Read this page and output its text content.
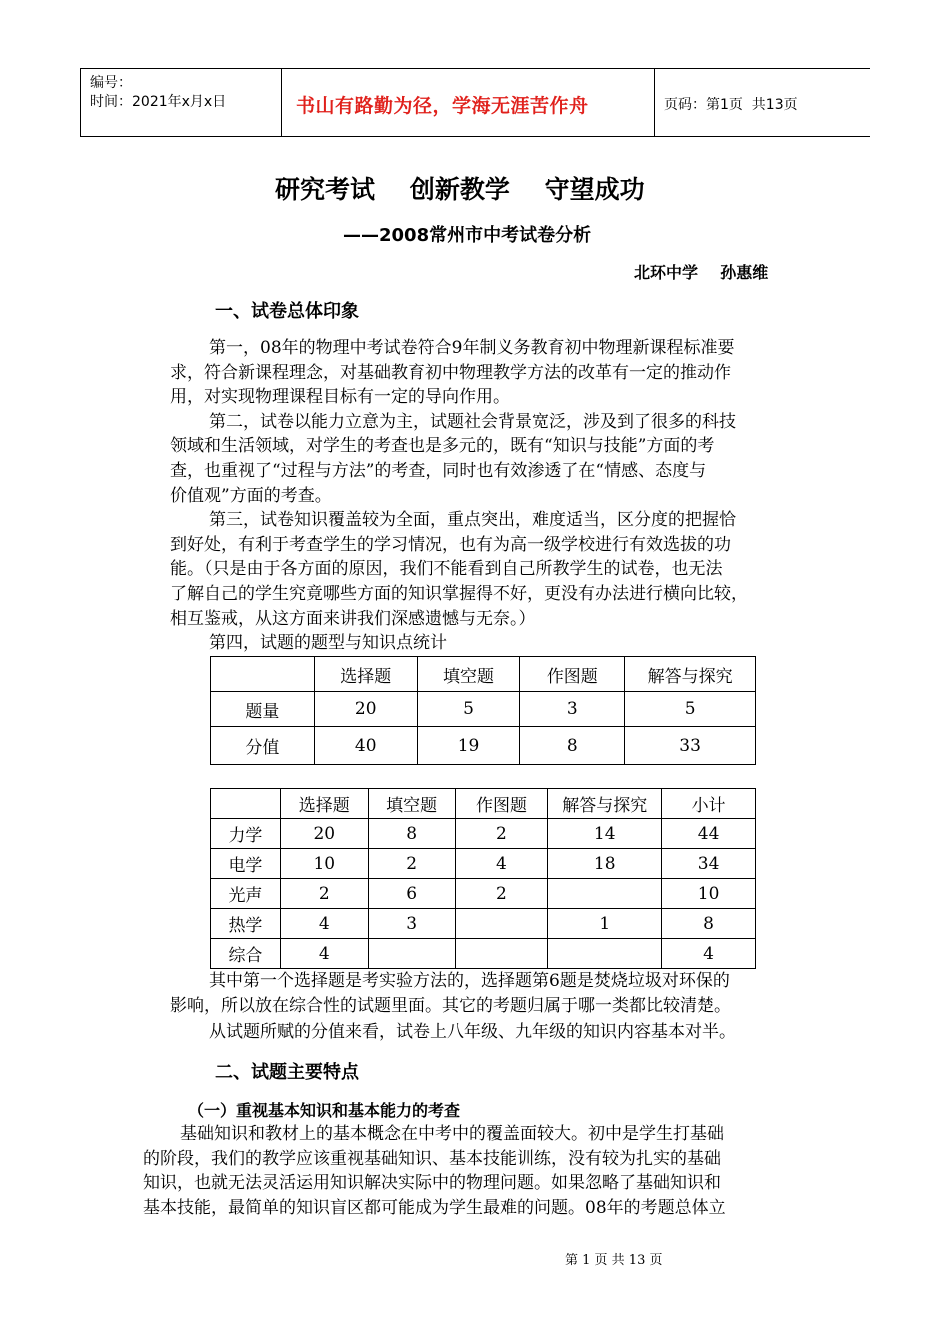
编号：
时间：2021年x月x日	书山有路勤为径，学海无涯苦作舟	页码：第1页  共13页
研究考试    创新教学    守望成功
——2008常州市中考试卷分析
北环中学    孙惠维
一、试卷总体印象
第一，08年的物理中考试卷符合9年制义务教育初中物理新课程标准要
求，符合新课程理念，对基础教育初中物理教学方法的改革有一定的推动作
用，对实现物理课程目标有一定的导向作用。
第二，试卷以能力立意为主，试题社会背景宽泛，涉及到了很多的科技
领域和生活领域，对学生的考查也是多元的，既有“知识与技能”方面的考
查，也重视了“过程与方法”的考查，同时也有效渗透了在“情感、态度与
价值观”方面的考查。
第三，试卷知识覆盖较为全面，重点突出，难度适当，区分度的把握恰
到好处，有利于考查学生的学习情况，也有为高一级学校进行有效选拔的功
能。（只是由于各方面的原因，我们不能看到自己所教学生的试卷，也无法
了解自己的学生究竟哪些方面的知识掌握得不好，更没有办法进行横向比较，
相互鉴戒，从这方面来讲我们深感遗憾与无奈。）
第四，试题的题型与知识点统计
	选择题	填空题	作图题	解答与探究
题量	20	5	3	5
分值	40	19	8	33
	选择题	填空题	作图题	解答与探究	小计
力学	20	8	2	14	44
电学	10	2	4	18	34
光声	2	6	2		10
热学	4	3		1	8
综合	4				4
其中第一个选择题是考实验方法的，选择题第6题是焚烧垃圾对环保的
影响，所以放在综合性的试题里面。其它的考题归属于哪一类都比较清楚。
从试题所赋的分值来看，试卷上八年级、九年级的知识内容基本对半。
二、试题主要特点
（一）重视基本知识和基本能力的考查
基础知识和教材上的基本概念在中考中的覆盖面较大。初中是学生打基础
的阶段，我们的教学应该重视基础知识、基本技能训练，没有较为扎实的基础
知识，也就无法灵活运用知识解决实际中的物理问题。如果忽略了基础知识和
基本技能，最简单的知识盲区都可能成为学生最难的问题。08年的考题总体立
第 1 页 共 13 页
